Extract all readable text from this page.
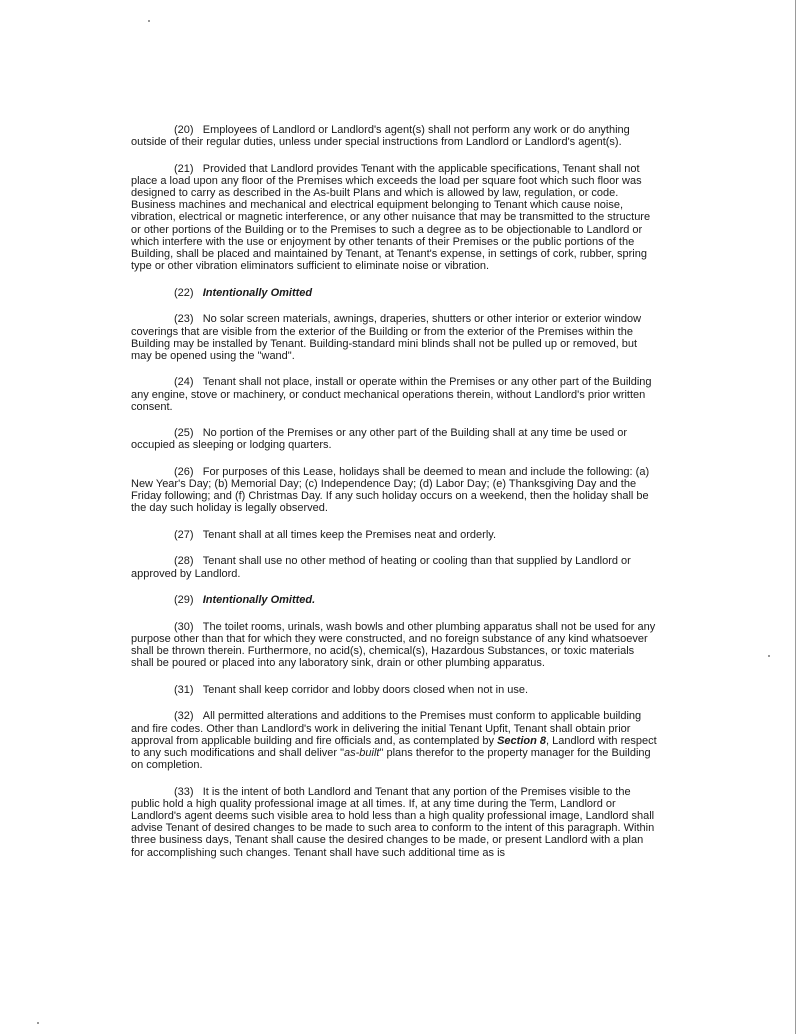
(20) Employees of Landlord or Landlord's agent(s) shall not perform any work or do anything outside of their regular duties, unless under special instructions from Landlord or Landlord's agent(s).

(21) Provided that Landlord provides Tenant with the applicable specifications, Tenant shall not place a load upon any floor of the Premises which exceeds the load per square foot which such floor was designed to carry as described in the As-built Plans and which is allowed by law, regulation, or code. Business machines and mechanical and electrical equipment belonging to Tenant which cause noise, vibration, electrical or magnetic interference, or any other nuisance that may be transmitted to the structure or other portions of the Building or to the Premises to such a degree as to be objectionable to Landlord or which interfere with the use or enjoyment by other tenants of their Premises or the public portions of the Building, shall be placed and maintained by Tenant, at Tenant's expense, in settings of cork, rubber, spring type or other vibration eliminators sufficient to eliminate noise or vibration.

(22) Intentionally Omitted

(23) No solar screen materials, awnings, draperies, shutters or other interior or exterior window coverings that are visible from the exterior of the Building or from the exterior of the Premises within the Building may be installed by Tenant. Building-standard mini blinds shall not be pulled up or removed, but may be opened using the "wand".

(24) Tenant shall not place, install or operate within the Premises or any other part of the Building any engine, stove or machinery, or conduct mechanical operations therein, without Landlord's prior written consent.

(25) No portion of the Premises or any other part of the Building shall at any time be used or occupied as sleeping or lodging quarters.

(26) For purposes of this Lease, holidays shall be deemed to mean and include the following: (a) New Year's Day; (b) Memorial Day; (c) Independence Day; (d) Labor Day; (e) Thanksgiving Day and the Friday following; and (f) Christmas Day. If any such holiday occurs on a weekend, then the holiday shall be the day such holiday is legally observed.

(27) Tenant shall at all times keep the Premises neat and orderly.

(28) Tenant shall use no other method of heating or cooling than that supplied by Landlord or approved by Landlord.

(29) Intentionally Omitted.

(30) The toilet rooms, urinals, wash bowls and other plumbing apparatus shall not be used for any purpose other than that for which they were constructed, and no foreign substance of any kind whatsoever shall be thrown therein. Furthermore, no acid(s), chemical(s), Hazardous Substances, or toxic materials shall be poured or placed into any laboratory sink, drain or other plumbing apparatus.

(31) Tenant shall keep corridor and lobby doors closed when not in use.

(32) All permitted alterations and additions to the Premises must conform to applicable building and fire codes. Other than Landlord's work in delivering the initial Tenant Upfit, Tenant shall obtain prior approval from applicable building and fire officials and, as contemplated by Section 8, Landlord with respect to any such modifications and shall deliver "as-built" plans therefor to the property manager for the Building on completion.

(33) It is the intent of both Landlord and Tenant that any portion of the Premises visible to the public hold a high quality professional image at all times. If, at any time during the Term, Landlord or Landlord's agent deems such visible area to hold less than a high quality professional image, Landlord shall advise Tenant of desired changes to be made to such area to conform to the intent of this paragraph. Within three business days, Tenant shall cause the desired changes to be made, or present Landlord with a plan for accomplishing such changes. Tenant shall have such additional time as is
